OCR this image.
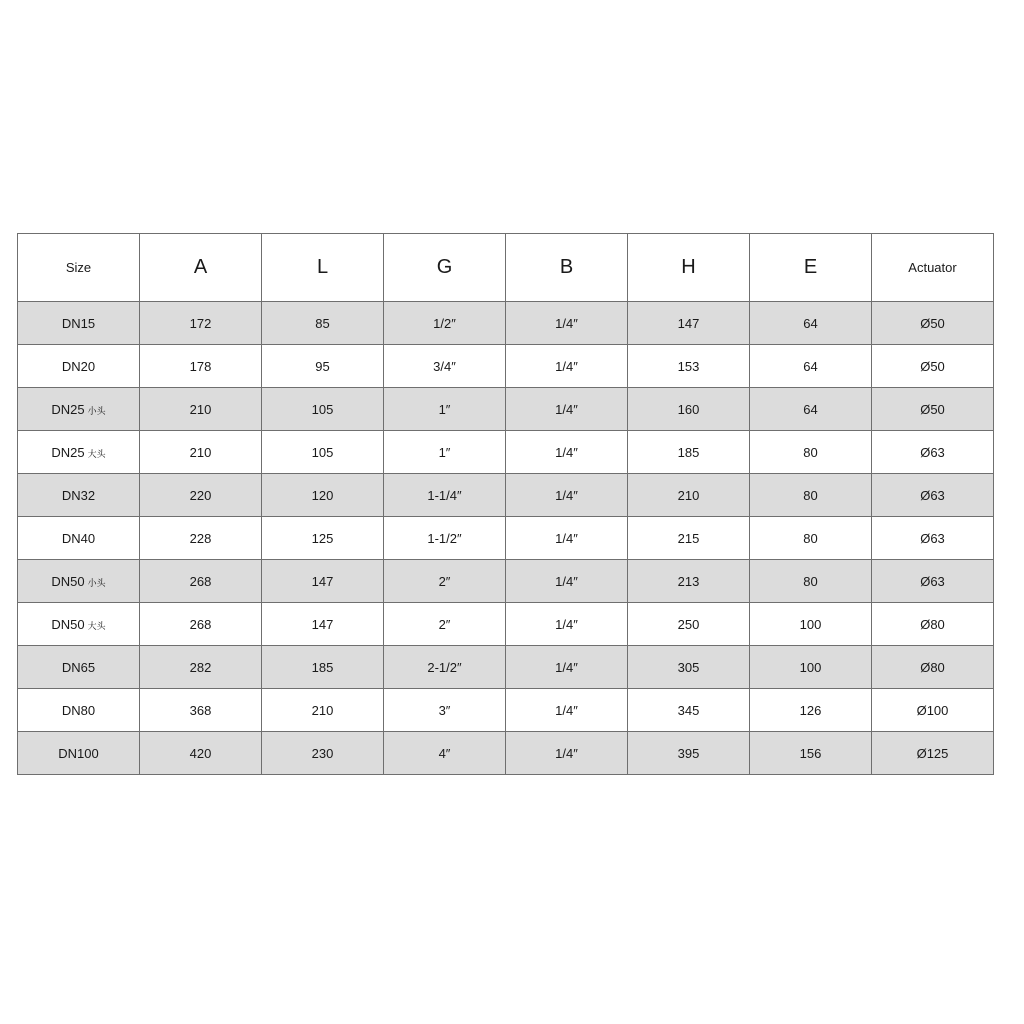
Size	A	L	G	B	H	E	Actuator
DN15	172	85	1/2″	1/4″	147	64	Ø50
DN20	178	95	3/4″	1/4″	153	64	Ø50
DN25 小头	210	105	1″	1/4″	160	64	Ø50
DN25 大头	210	105	1″	1/4″	185	80	Ø63
DN32	220	120	1-1/4″	1/4″	210	80	Ø63
DN40	228	125	1-1/2″	1/4″	215	80	Ø63
DN50 小头	268	147	2″	1/4″	213	80	Ø63
DN50 大头	268	147	2″	1/4″	250	100	Ø80
DN65	282	185	2-1/2″	1/4″	305	100	Ø80
DN80	368	210	3″	1/4″	345	126	Ø100
DN100	420	230	4″	1/4″	395	156	Ø125
